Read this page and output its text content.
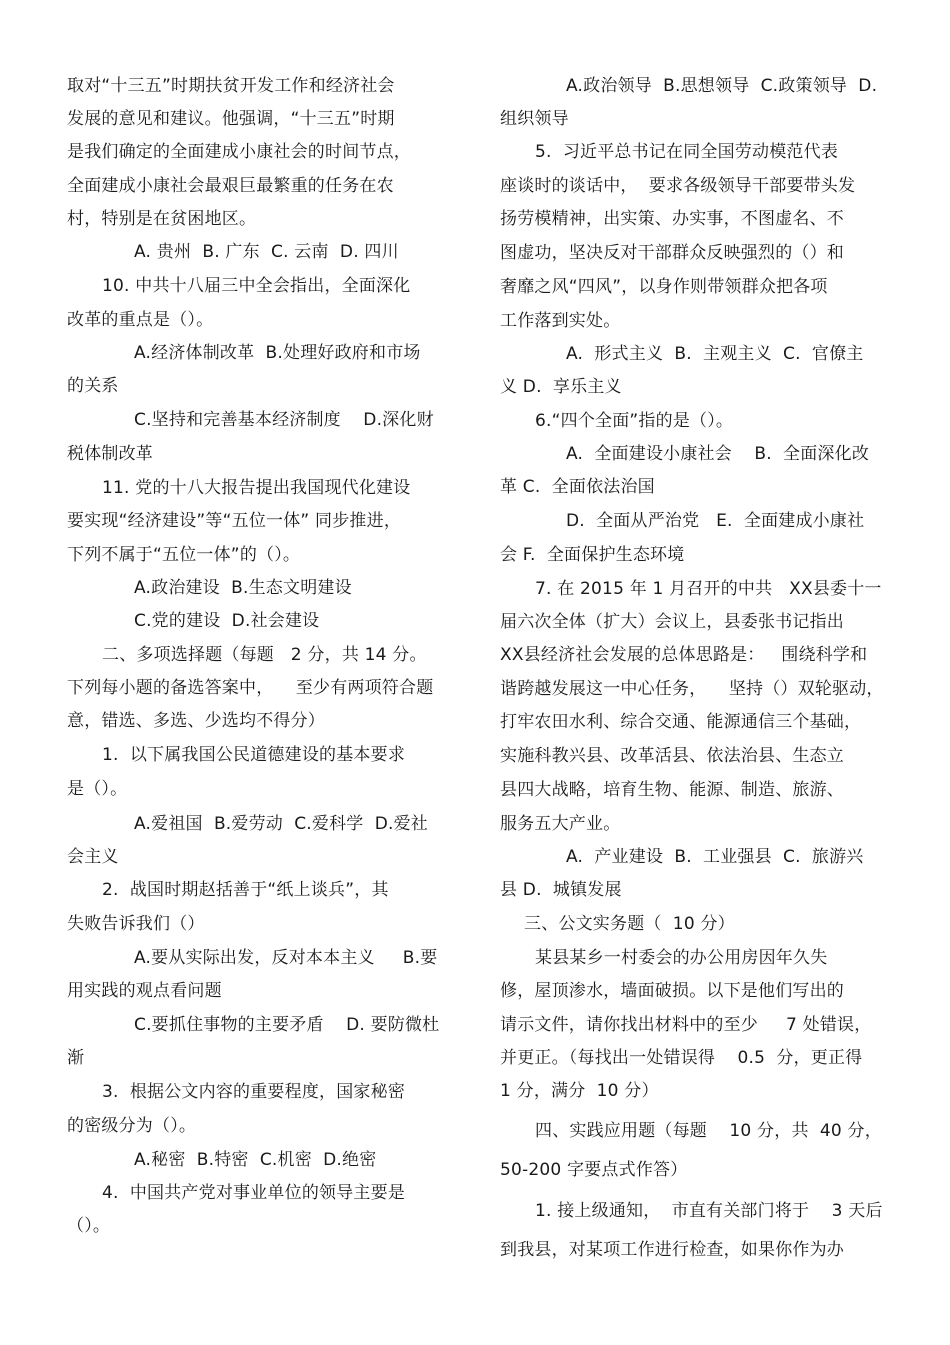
取对“十三五”时期扶贫开发工作和经济社会
发展的意见和建议。他强调，“十三五”时期
是我们确定的全面建成小康社会的时间节点，
全面建成小康社会最艰巨最繁重的任务在农
村，特别是在贫困地区。
A. 贵州  B. 广东  C. 云南  D. 四川
10. 中共十八届三中全会指出，全面深化
改革的重点是（）。
A.经济体制改革  B.处理好政府和市场
的关系
C.坚持和完善基本经济制度    D.深化财
税体制改革
11. 党的十八大报告提出我国现代化建设
要实现“经济建设”等“五位一体” 同步推进，
下列不属于“五位一体”的（）。
A.政治建设  B.生态文明建设
C.党的建设  D.社会建设
二、多项选择题（每题   2 分，共 14 分。
下列每小题的备选答案中，    至少有两项符合题
意，错选、多选、少选均不得分）
1.  以下属我国公民道德建设的基本要求
是（）。
A.爱祖国  B.爱劳动  C.爱科学  D.爱社
会主义
2.  战国时期赵括善于“纸上谈兵”，其
失败告诉我们（）
A.要从实际出发，反对本本主义     B.要
用实践的观点看问题
C.要抓住事物的主要矛盾    D. 要防微杜
渐
3.  根据公文内容的重要程度，国家秘密
的密级分为（）。
A.秘密  B.特密  C.机密  D.绝密
4.  中国共产党对事业单位的领导主要是
（）。
A.政治领导  B.思想领导  C.政策领导  D.
组织领导
5.  习近平总书记在同全国劳动模范代表
座谈时的谈话中，  要求各级领导干部要带头发
扬劳模精神，出实策、办实事，不图虚名、不
图虚功，坚决反对干部群众反映强烈的（）和
奢靡之风“四风”，以身作则带领群众把各项
工作落到实处。
A.  形式主义  B.  主观主义  C.  官僚主
义 D.  享乐主义
6.“四个全面”指的是（）。
A.  全面建设小康社会    B.  全面深化改
革 C.  全面依法治国
D.  全面从严治党   E.  全面建成小康社
会 F.  全面保护生态环境
7. 在 2015 年 1 月召开的中共   XX县委十一
届六次全体（扩大）会议上，县委张书记指出
XX县经济社会发展的总体思路是：   围绕科学和
谐跨越发展这一中心任务，    坚持（）双轮驱动，
打牢农田水利、综合交通、能源通信三个基础，
实施科教兴县、改革活县、依法治县、生态立
县四大战略，培育生物、能源、制造、旅游、
服务五大产业。
A.  产业建设  B.  工业强县  C.  旅游兴
县 D.  城镇发展
三、公文实务题（  10 分）
某县某乡一村委会的办公用房因年久失
修，屋顶渗水，墙面破损。以下是他们写出的
请示文件，请你找出材料中的至少     7 处错误，
并更正。（每找出一处错误得    0.5  分，更正得
1 分，满分  10 分）
四、实践应用题（每题    10 分，共  40 分，
50-200 字要点式作答）
1. 接上级通知，  市直有关部门将于    3 天后
到我县，对某项工作进行检查，如果你作为办
